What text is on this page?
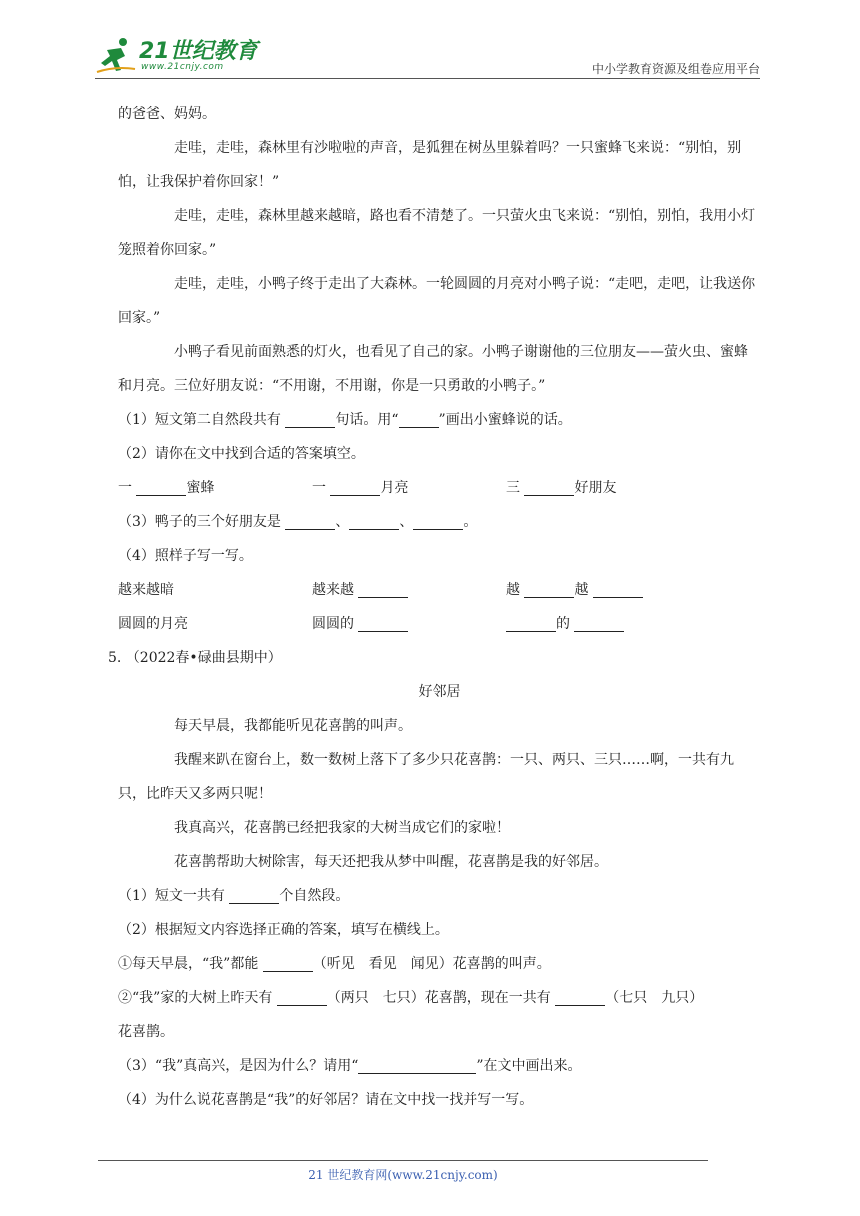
21世纪教育
www.21cnjy.com	中小学教育资源及组卷应用平台

的爸爸、妈妈。

走哇，走哇，森林里有沙啦啦的声音，是狐狸在树丛里躲着吗？一只蜜蜂飞来说：“别怕，别怕，让我保护着你回家！”

走哇，走哇，森林里越来越暗，路也看不清楚了。一只萤火虫飞来说：“别怕，别怕，我用小灯笼照着你回家。”

走哇，走哇，小鸭子终于走出了大森林。一轮圆圆的月亮对小鸭子说：“走吧，走吧，让我送你回家。”

小鸭子看见前面熟悉的灯火，也看见了自己的家。小鸭子谢谢他的三位朋友——萤火虫、蜜蜂和月亮。三位好朋友说：“不用谢，不用谢，你是一只勇敢的小鸭子。”

（1）短文第二自然段共有	句话。用“	”画出小蜜蜂说的话。

（2）请你在文中找到合适的答案填空。

一	蜜蜂	一	月亮	三	好朋友

（3）鸭子的三个好朋友是	、	、	。

（4）照样子写一写。

越来越暗	越来越	越	越
圆圆的月亮	圆圆的	的

5. （2022春•碌曲县期中）

好邻居

每天早晨，我都能听见花喜鹊的叫声。

我醒来趴在窗台上，数一数树上落下了多少只花喜鹊：一只、两只、三只……啊，一共有九只，比昨天又多两只呢！

我真高兴，花喜鹊已经把我家的大树当成它们的家啦！

花喜鹊帮助大树除害，每天还把我从梦中叫醒，花喜鹊是我的好邻居。

（1）短文一共有	个自然段。

（2）根据短文内容选择正确的答案，填写在横线上。

①每天早晨，“我”都能	（听见　看见　闻见）花喜鹊的叫声。

②“我”家的大树上昨天有	（两只　七只）花喜鹊，现在一共有	（七只　九只）

花喜鹊。

（3）“我”真高兴，是因为什么？请用“	”在文中画出来。

（4）为什么说花喜鹊是“我”的好邻居？请在文中找一找并写一写。

21 世纪教育网(www.21cnjy.com)
